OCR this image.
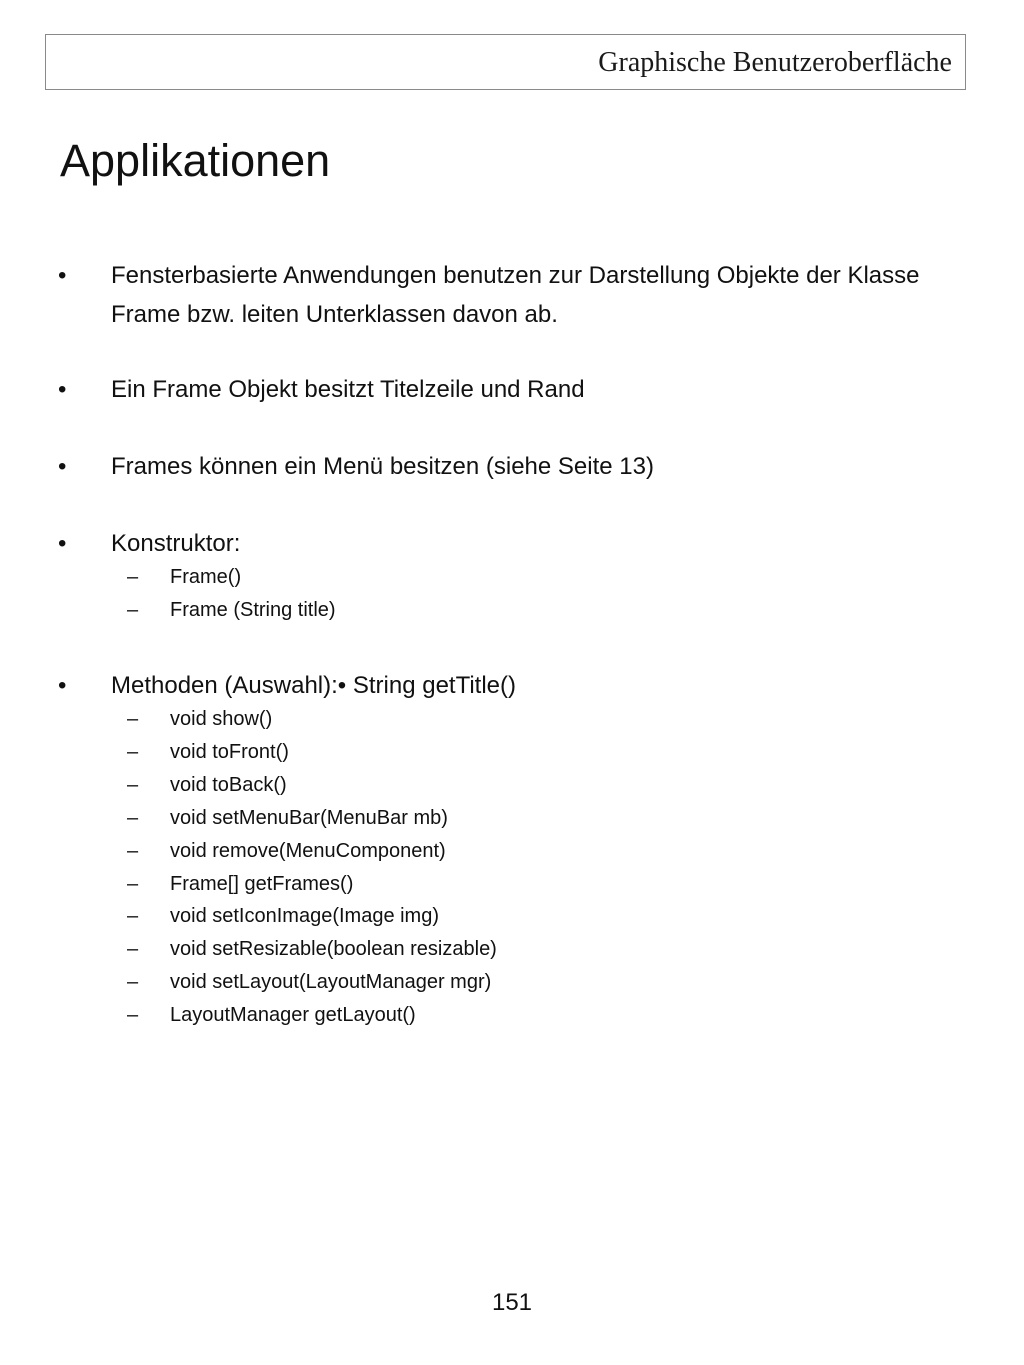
Graphische Benutzeroberfläche
Applikationen
• Fensterbasierte Anwendungen benutzen zur Darstellung Objekte der Klasse Frame bzw. leiten Unterklassen davon ab.
• Ein Frame Objekt besitzt Titelzeile und Rand
• Frames können ein Menü besitzen (siehe Seite 13)
• Konstruktor:
– Frame()
– Frame (String title)
• Methoden (Auswahl):• String getTitle()
– void show()
– void toFront()
– void toBack()
– void setMenuBar(MenuBar mb)
– void remove(MenuComponent)
– Frame[] getFrames()
– void setIconImage(Image img)
– void setResizable(boolean resizable)
– void setLayout(LayoutManager mgr)
– LayoutManager getLayout()
151
